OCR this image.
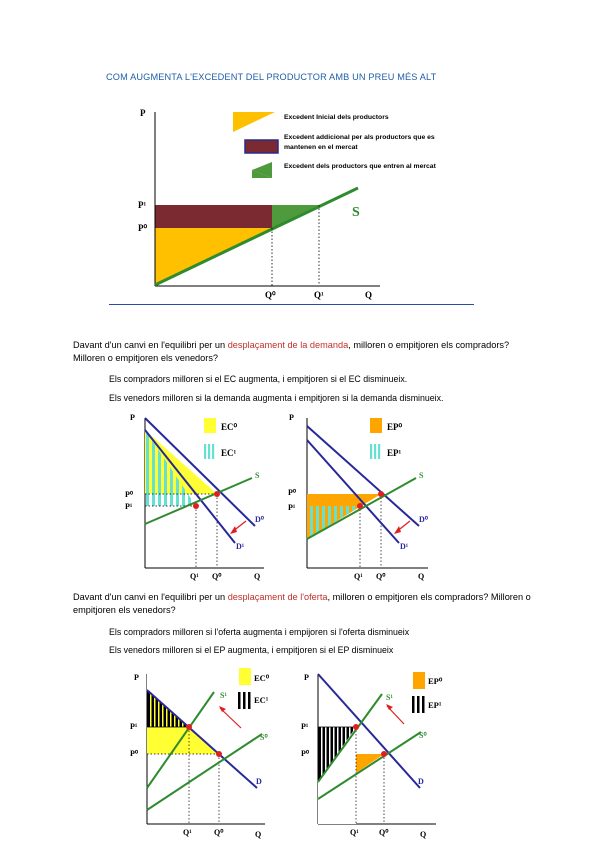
COM AUGMENTA L'EXCEDENT DEL PRODUCTOR AMB UN PREU MÉS ALT
P
P¹
P⁰
Q⁰	Q¹	Q
S
Excedent Inicial dels productors
Excedent addicional per als productors que es
mantenen en el mercat
Excedent dels productors que entren al mercat
Davant d'un canvi en l'equilibri per un desplaçament de la demanda, milloren o empitjoren els compradors? Milloren o empitjoren els venedors?
Els compradors milloren si el EC augmenta, i empitjoren si el EC disminueix.
Els venedors milloren si la demanda augmenta i empitjoren si la demanda disminueix.
EC⁰
EC¹
P
P⁰
P¹
Q¹ Q⁰	Q
S
D⁰
D¹
EP⁰
EP¹
P
P⁰
P¹
Q¹ Q⁰	Q
S
D⁰
D¹
Davant d'un canvi en l'equilibri per un desplaçament de l'oferta, milloren o empitjoren els compradors? Milloren o empitjoren els venedors?
Els compradors milloren si l'oferta augmenta i empijoren si l'oferta disminueix
Els venedors milloren si el EP augmenta, i empitjoren si el EP disminueix
EC⁰
EC¹
P
P¹
P⁰
Q¹	Q⁰	Q
S¹
S⁰
D
EP⁰
EP¹
P
P¹
P⁰
Q¹	Q⁰	Q
S¹
S⁰
D
